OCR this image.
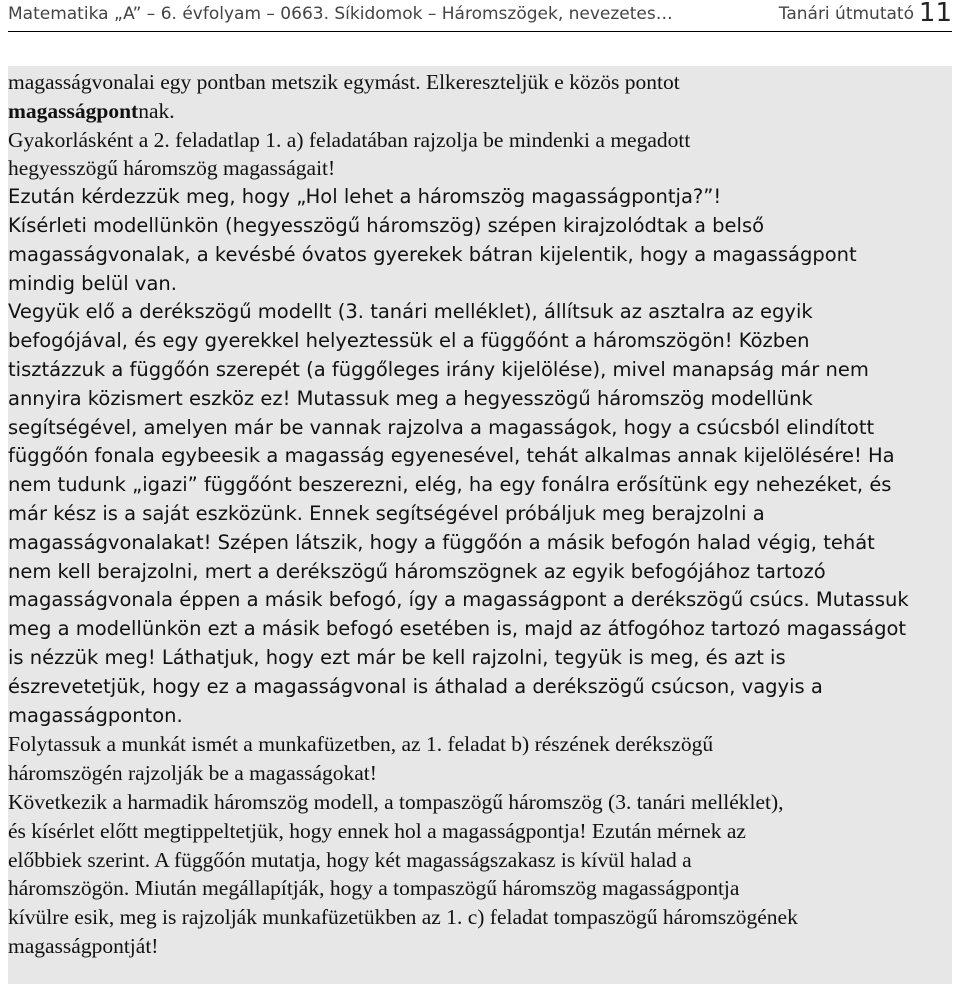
Matematika „A” – 6. évfolyam – 0663. Síkidomok – Háromszögek, nevezetes…	Tanári útmutató 11

magasságvonalai egy pontban metszik egymást. Elkereszteljük e közös pontot
magasságpontnak.

Gyakorlásként a 2. feladatlap 1. a) feladatában rajzolja be mindenki a megadott
hegyesszögű háromszög magasságait!

Ezután kérdezzük meg, hogy „Hol lehet a háromszög magasságpontja?”!

Kísérleti modellünkön (hegyesszögű háromszög) szépen kirajzolódtak a belső
magasságvonalak, a kevésbé óvatos gyerekek bátran kijelentik, hogy a magasságpont
mindig belül van.

Vegyük elő a derékszögű modellt (3. tanári melléklet), állítsuk az asztalra az egyik
befogójával, és egy gyerekkel helyeztessük el a függőónt a háromszögön! Közben
tisztázzuk a függőón szerepét (a függőleges irány kijelölése), mivel manapság már nem
annyira közismert eszköz ez! Mutassuk meg a hegyesszögű háromszög modellünk
segítségével, amelyen már be vannak rajzolva a magasságok, hogy a csúcsból elindított
függőón fonala egybeesik a magasság egyenesével, tehát alkalmas annak kijelölésére! Ha
nem tudunk „igazi” függőónt beszerezni, elég, ha egy fonálra erősítünk egy nehezéket, és
már kész is a saját eszközünk. Ennek segítségével próbáljuk meg berajzolni a
magasságvonalakat! Szépen látszik, hogy a függőón a másik befogón halad végig, tehát
nem kell berajzolni, mert a derékszögű háromszögnek az egyik befogójához tartozó
magasságvonala éppen a másik befogó, így a magasságpont a derékszögű csúcs. Mutassuk
meg a modellünkön ezt a másik befogó esetében is, majd az átfogóhoz tartozó magasságot
is nézzük meg! Láthatjuk, hogy ezt már be kell rajzolni, tegyük is meg, és azt is
észrevetetjük, hogy ez a magasságvonal is áthalad a derékszögű csúcson, vagyis a
magasságponton.

Folytassuk a munkát ismét a munkafüzetben, az 1. feladat b) részének derékszögű
háromszögén rajzolják be a magasságokat!

Következik a harmadik háromszög modell, a tompaszögű háromszög (3. tanári melléklet),
és kísérlet előtt megtippeltetjük, hogy ennek hol a magasságpontja! Ezután mérnek az
előbbiek szerint. A függőón mutatja, hogy két magasságszakasz is kívül halad a
háromszögön. Miután megállapítják, hogy a tompaszögű háromszög magasságpontja
kívülre esik, meg is rajzolják munkafüzetükben az 1. c) feladat tompaszögű háromszögének
magasságpontját!
